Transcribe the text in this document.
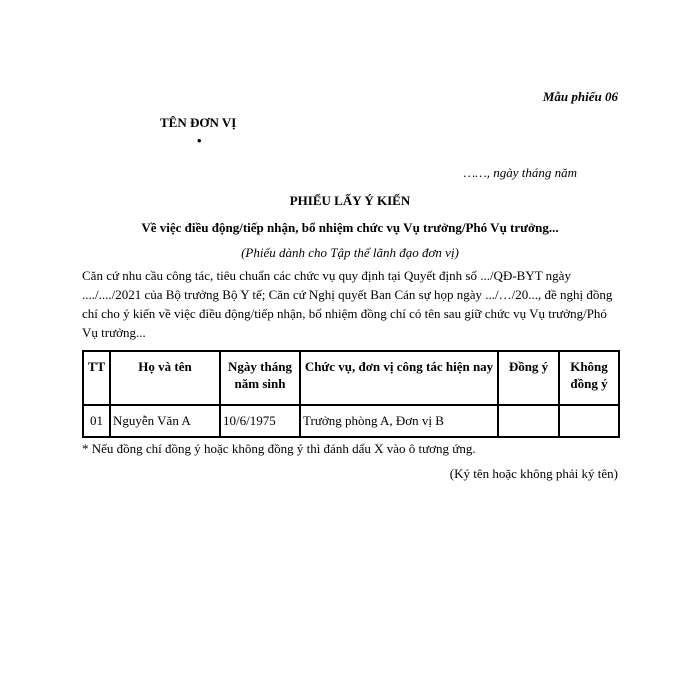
Mẫu phiếu 06
TÊN ĐƠN VỊ
•
……, ngày tháng năm
PHIẾU LẤY Ý KIẾN
Về việc điều động/tiếp nhận, bổ nhiệm chức vụ Vụ trưởng/Phó Vụ trưởng...
(Phiếu dành cho Tập thể lãnh đạo đơn vị)
Căn cứ nhu cầu công tác, tiêu chuẩn các chức vụ quy định tại Quyết định số .../QĐ-BYT ngày ..../..../2021 của Bộ trưởng Bộ Y tế; Căn cứ Nghị quyết Ban Cán sự họp ngày .../…/20..., đề nghị đồng chí cho ý kiến về việc điều động/tiếp nhận, bổ nhiệm đồng chí có tên sau giữ chức vụ Vụ trưởng/Phó Vụ trưởng...
TT	Họ và tên	Ngày tháng năm sinh	Chức vụ, đơn vị công tác hiện nay	Đồng ý	Không đồng ý
01	Nguyễn Văn A	10/6/1975	Trưởng phòng A, Đơn vị B		
* Nếu đồng chí đồng ý hoặc không đồng ý thì đánh dấu X vào ô tương ứng.
(Ký tên hoặc không phải ký tên)
